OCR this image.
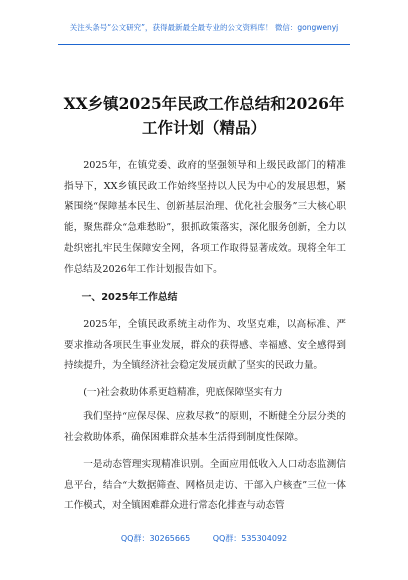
关注头条号“公文研究”，获得最新最全最专业的公文资料库！ 微信：gongwenyj
XX乡镇2025年民政工作总结和2026年工作计划（精品）

2025年，在镇党委、政府的坚强领导和上级民政部门的精准指导下，XX乡镇民政工作始终坚持以人民为中心的发展思想，紧紧围绕“保障基本民生、创新基层治理、优化社会服务”三大核心职能，聚焦群众“急难愁盼”，狠抓政策落实，深化服务创新，全力以赴织密扎牢民生保障安全网，各项工作取得显著成效。现将全年工作总结及2026年工作计划报告如下。

一、2025年工作总结

2025年，全镇民政系统主动作为、攻坚克难，以高标准、严要求推动各项民生事业发展，群众的获得感、幸福感、安全感得到持续提升，为全镇经济社会稳定发展贡献了坚实的民政力量。

(一)社会救助体系更趋精准，兜底保障坚实有力

我们坚持“应保尽保、应救尽救”的原则，不断健全分层分类的社会救助体系，确保困难群众基本生活得到制度性保障。

一是动态管理实现精准识别。全面应用低收入人口动态监测信息平台，结合“大数据筛查、网格员走访、干部入户核查”三位一体工作模式，对全镇困难群众进行常态化排查与动态管

QQ群：30265665	QQ群：535304092
